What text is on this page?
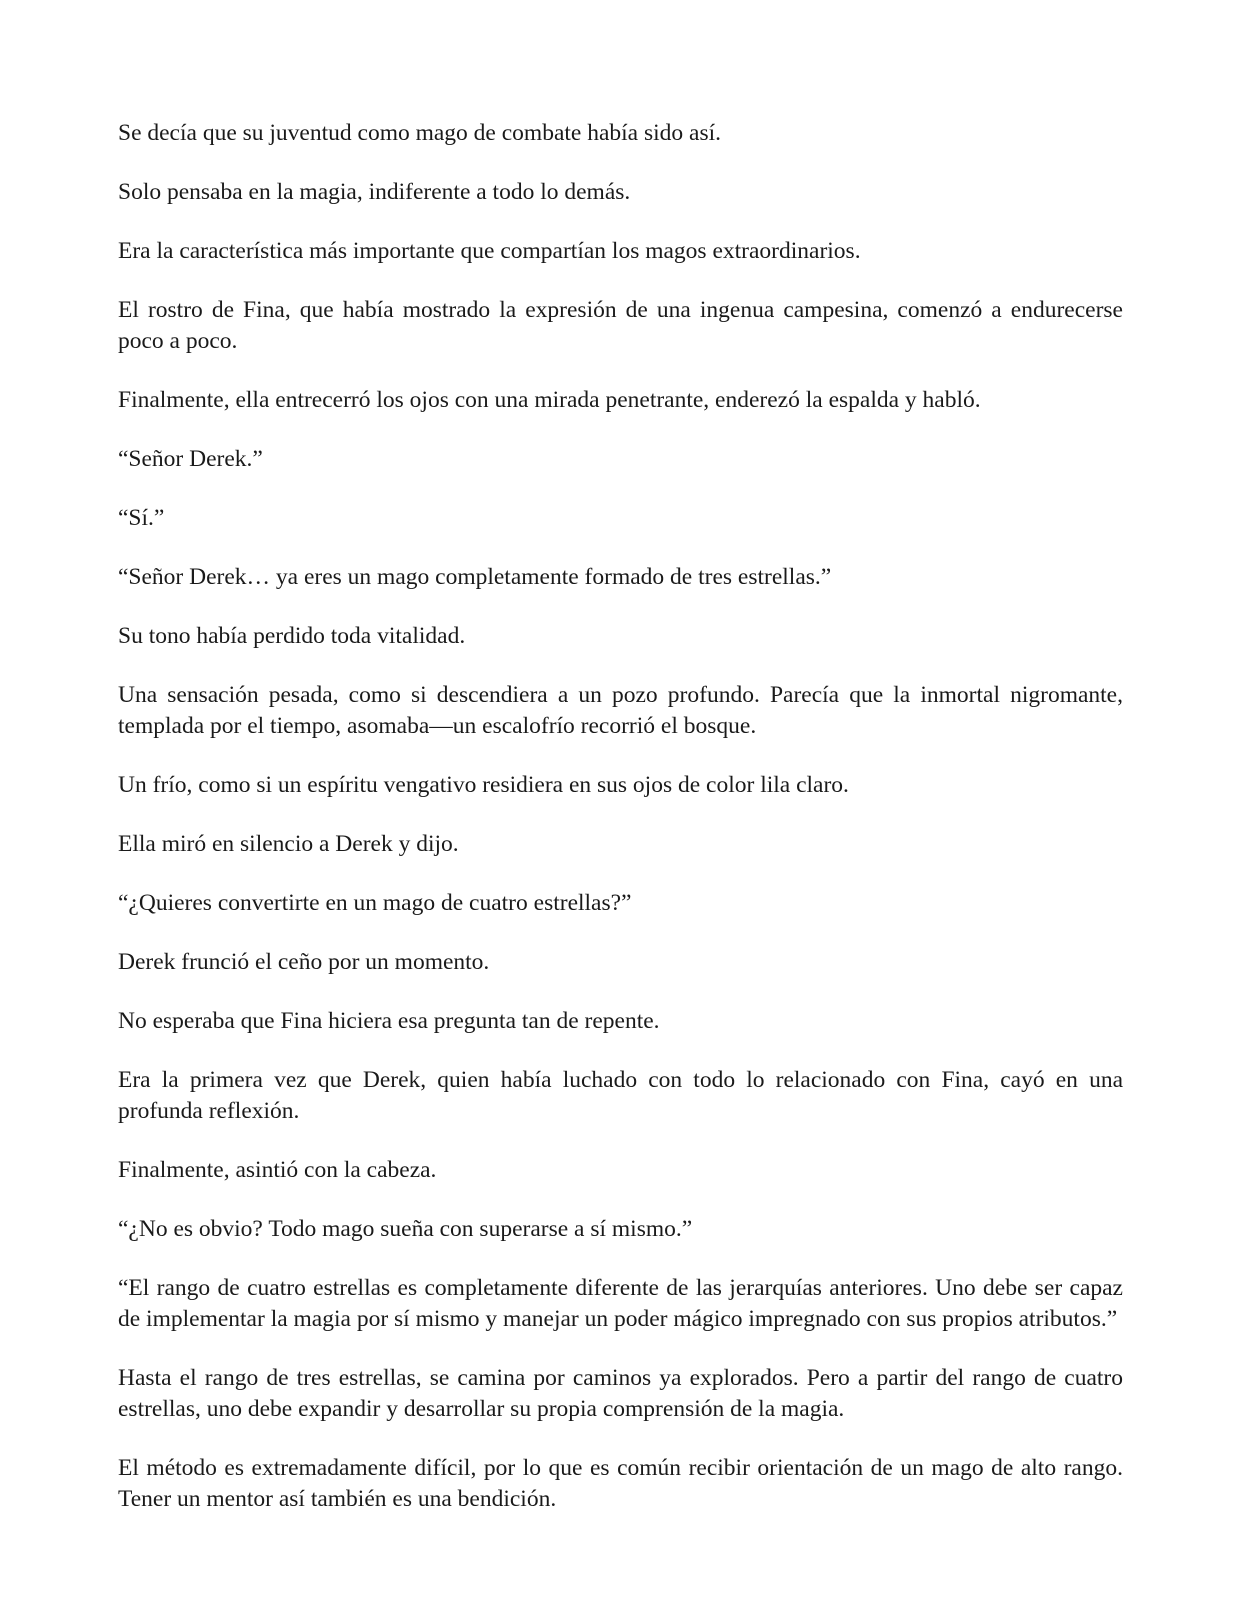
Se decía que su juventud como mago de combate había sido así.

Solo pensaba en la magia, indiferente a todo lo demás.

Era la característica más importante que compartían los magos extraordinarios.

El rostro de Fina, que había mostrado la expresión de una ingenua campesina, comenzó a endurecerse poco a poco.

Finalmente, ella entrecerró los ojos con una mirada penetrante, enderezó la espalda y habló.

“Señor Derek.”

“Sí.”

“Señor Derek… ya eres un mago completamente formado de tres estrellas.”

Su tono había perdido toda vitalidad.

Una sensación pesada, como si descendiera a un pozo profundo. Parecía que la inmortal nigromante, templada por el tiempo, asomaba—un escalofrío recorrió el bosque.

Un frío, como si un espíritu vengativo residiera en sus ojos de color lila claro.

Ella miró en silencio a Derek y dijo.

“¿Quieres convertirte en un mago de cuatro estrellas?”

Derek frunció el ceño por un momento.

No esperaba que Fina hiciera esa pregunta tan de repente.

Era la primera vez que Derek, quien había luchado con todo lo relacionado con Fina, cayó en una profunda reflexión.

Finalmente, asintió con la cabeza.

“¿No es obvio? Todo mago sueña con superarse a sí mismo.”

“El rango de cuatro estrellas es completamente diferente de las jerarquías anteriores. Uno debe ser capaz de implementar la magia por sí mismo y manejar un poder mágico impregnado con sus propios atributos.”

Hasta el rango de tres estrellas, se camina por caminos ya explorados. Pero a partir del rango de cuatro estrellas, uno debe expandir y desarrollar su propia comprensión de la magia.

El método es extremadamente difícil, por lo que es común recibir orientación de un mago de alto rango. Tener un mentor así también es una bendición.
